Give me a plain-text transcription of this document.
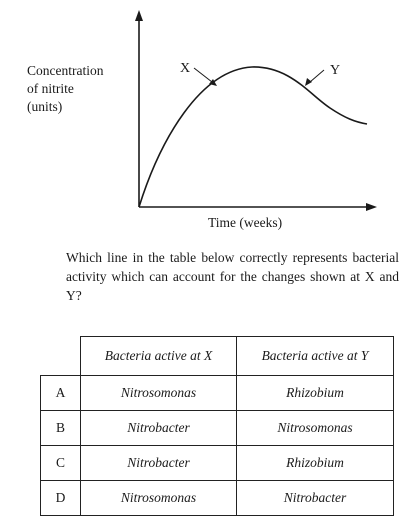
X	Y
Concentration
of nitrite
(units)
Time (weeks)
Which line in the table below correctly represents bacterial activity which can account for the changes shown at X and Y?
	Bacteria active at X	Bacteria active at Y
A	Nitrosomonas	Rhizobium
B	Nitrobacter	Nitrosomonas
C	Nitrobacter	Rhizobium
D	Nitrosomonas	Nitrobacter
